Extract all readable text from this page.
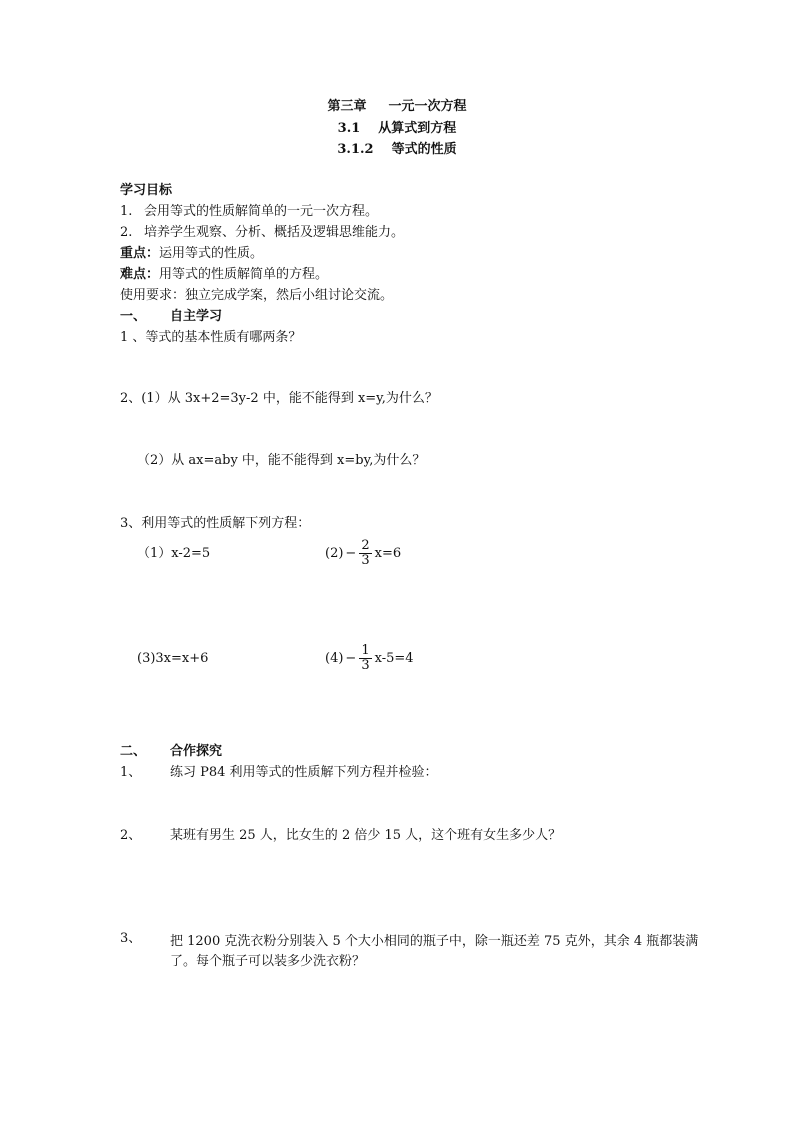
第三章 一元一次方程
3.1 从算式到方程
3.1.2 等式的性质
学习目标
1. 会用等式的性质解简单的一元一次方程。
2. 培养学生观察、分析、概括及逻辑思维能力。
重点：运用等式的性质。
难点：用等式的性质解简单的方程。
使用要求：独立完成学案，然后小组讨论交流。
一、 自主学习
1 、等式的基本性质有哪两条？
2、(1）从 3x+2=3y-2 中，能不能得到 x=y,为什么？
（2）从 ax=aby 中，能不能得到 x=by,为什么？
3、利用等式的性质解下列方程：
（1）x-2=5	$(2) - \frac{2}{3} x=6$
(3)3x=x+6	$(4) - \frac{1}{3} x-5=4$
二、 合作探究
1、 练习 P84 利用等式的性质解下列方程并检验：
2、 某班有男生 25 人，比女生的 2 倍少 15 人，这个班有女生多少人？
3、	把 1200 克洗衣粉分别装入 5 个大小相同的瓶子中，除一瓶还差 75 克外，其余 4 瓶都装满了。每个瓶子可以装多少洗衣粉？
